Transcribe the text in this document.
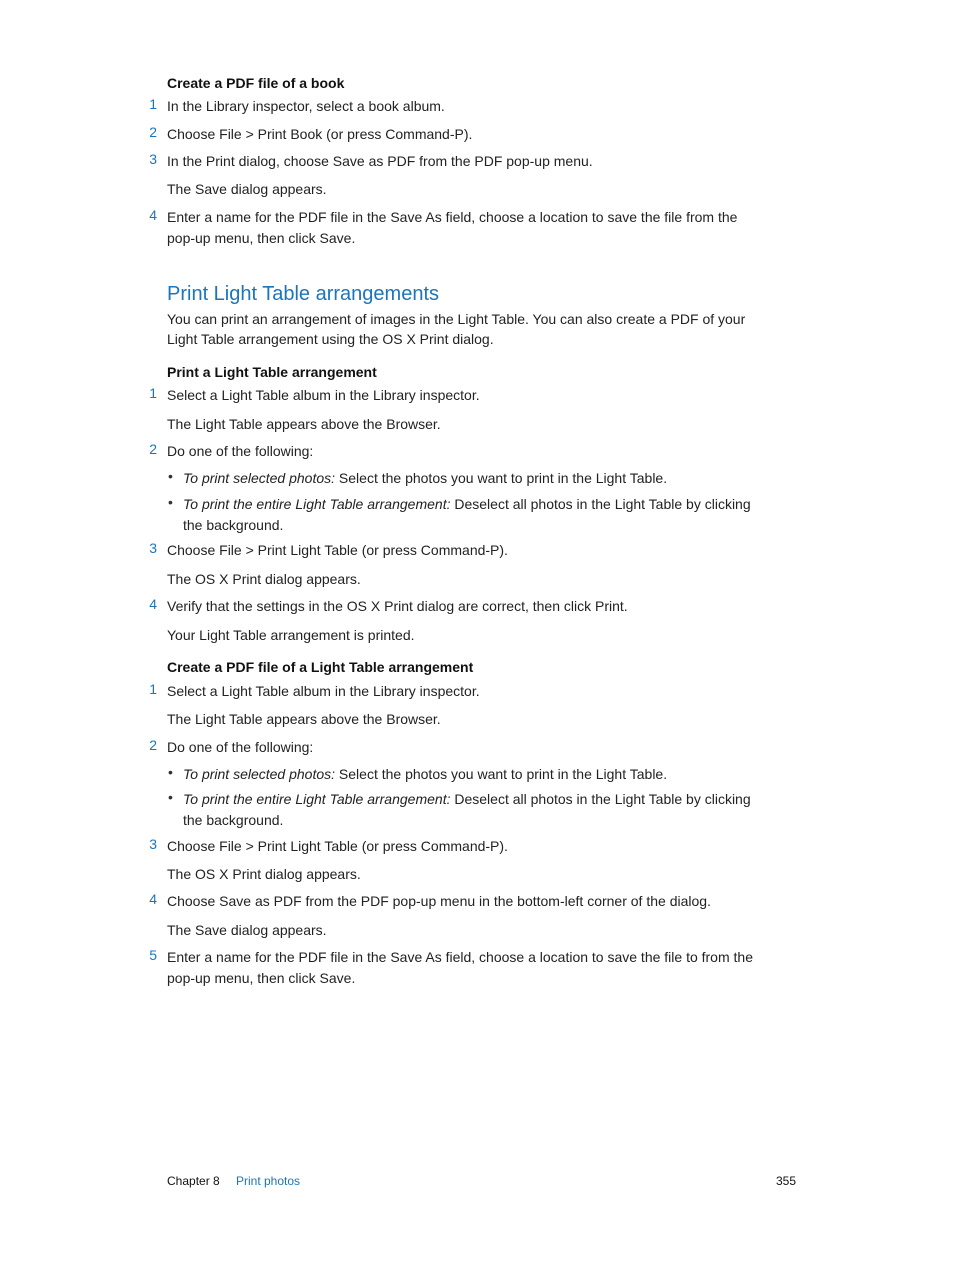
Create a PDF file of a book
1 In the Library inspector, select a book album.
2 Choose File > Print Book (or press Command-P).
3 In the Print dialog, choose Save as PDF from the PDF pop-up menu.
The Save dialog appears.
4 Enter a name for the PDF file in the Save As field, choose a location to save the file from the
pop-up menu, then click Save.
Print Light Table arrangements
You can print an arrangement of images in the Light Table. You can also create a PDF of your
Light Table arrangement using the OS X Print dialog.
Print a Light Table arrangement
1 Select a Light Table album in the Library inspector.
The Light Table appears above the Browser.
2 Do one of the following:
• To print selected photos: Select the photos you want to print in the Light Table.
• To print the entire Light Table arrangement: Deselect all photos in the Light Table by clicking
the background.
3 Choose File > Print Light Table (or press Command-P).
The OS X Print dialog appears.
4 Verify that the settings in the OS X Print dialog are correct, then click Print.
Your Light Table arrangement is printed.
Create a PDF file of a Light Table arrangement
1 Select a Light Table album in the Library inspector.
The Light Table appears above the Browser.
2 Do one of the following:
• To print selected photos: Select the photos you want to print in the Light Table.
• To print the entire Light Table arrangement: Deselect all photos in the Light Table by clicking
the background.
3 Choose File > Print Light Table (or press Command-P).
The OS X Print dialog appears.
4 Choose Save as PDF from the PDF pop-up menu in the bottom-left corner of the dialog.
The Save dialog appears.
5 Enter a name for the PDF file in the Save As field, choose a location to save the file to from the
pop-up menu, then click Save.
Chapter 8 Print photos	355
